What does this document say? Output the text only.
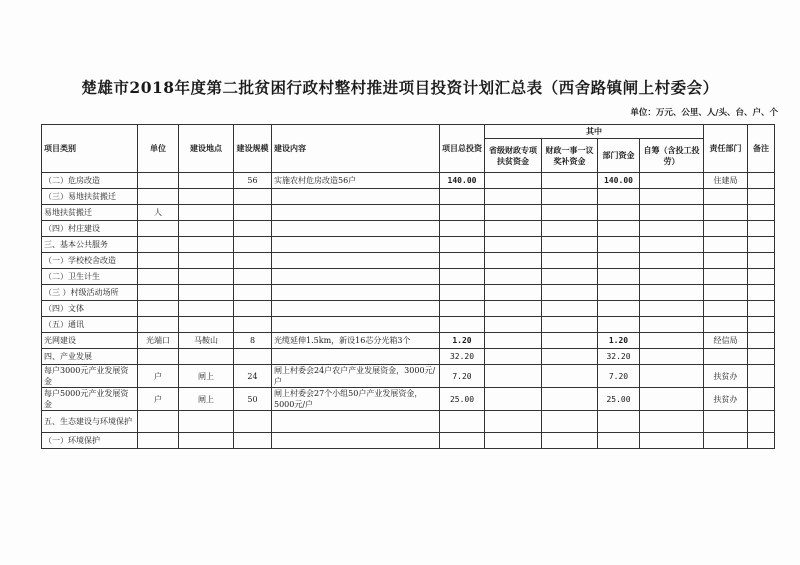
楚雄市2018年度第二批贫困行政村整村推进项目投资计划汇总表（西舍路镇闸上村委会）
单位：万元、公里、人/头、台、户、个
项目类别	单位	建设地点	建设规模	建设内容	项目总投资	其中				责任部门	备注
						省级财政专项扶贫资金	财政一事一议奖补资金	部门资金	自筹（含投工投劳）		
（二）危房改造			56	实施农村危房改造56户	140.00			140.00		住建局	
（三）易地扶贫搬迁											
易地扶贫搬迁	人										
（四）村庄建设											
三、基本公共服务											
（一）学校校舍改造											
（二）卫生计生											
（三 ）村级活动场所											
（四）文体											
（五）通讯											
光网建设	光端口	马鞍山	8	光缆延伸1.5km，新设16芯分光箱3个	1.20			1.20		经信局	
四、产业发展					32.20			32.20			
每户3000元产业发展资金	户	闸上	24	闸上村委会24户农户产业发展资金，3000元/户	7.20			7.20		扶贫办	
每户5000元产业发展资金	户	闸上	50	闸上村委会27个小组50户产业发展资金，5000元/户	25.00			25.00		扶贫办	
五、生态建设与环境保护											
（一）环境保护											
